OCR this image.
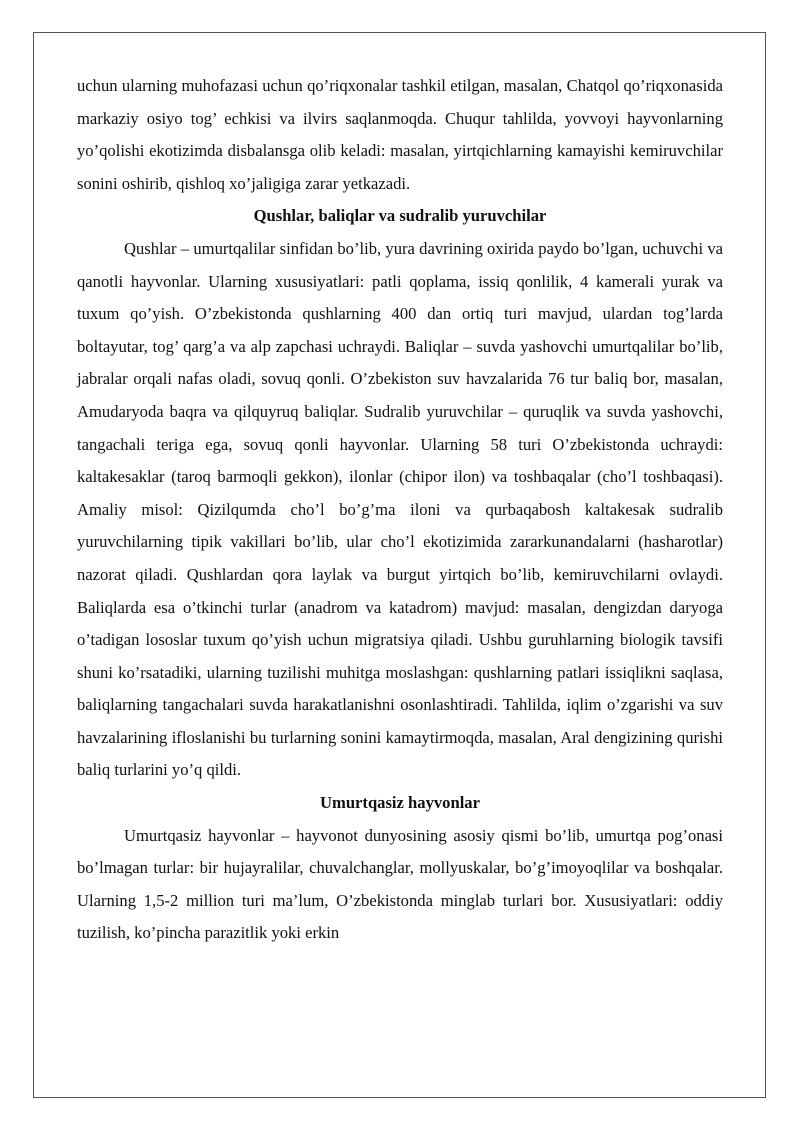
uchun ularning muhofazasi uchun qo’riqxonalar tashkil etilgan, masalan, Chatqol qo’riqxonasida markaziy osiyo tog’ echkisi va ilvirs saqlanmoqda. Chuqur tahlilda, yovvoyi hayvonlarning yo’qolishi ekotizimda disbalansga olib keladi: masalan, yirtqichlarning kamayishi kemiruvchilar sonini oshirib, qishloq xo’jaligiga zarar yetkazadi.

Qushlar, baliqlar va sudralib yuruvchilar

Qushlar – umurtqalilar sinfidan bo’lib, yura davrining oxirida paydo bo’lgan, uchuvchi va qanotli hayvonlar. Ularning xususiyatlari: patli qoplama, issiq qonlilik, 4 kamerali yurak va tuxum qo’yish. O’zbekistonda qushlarning 400 dan ortiq turi mavjud, ulardan tog’larda boltayutar, tog’ qarg’a va alp zapchasi uchraydi. Baliqlar – suvda yashovchi umurtqalilar bo’lib, jabralar orqali nafas oladi, sovuq qonli. O’zbekiston suv havzalarida 76 tur baliq bor, masalan, Amudaryoda baqra va qilquyruq baliqlar. Sudralib yuruvchilar – quruqlik va suvda yashovchi, tangachali teriga ega, sovuq qonli hayvonlar. Ularning 58 turi O’zbekistonda uchraydi: kaltakesaklar (taroq barmoqli gekkon), ilonlar (chipor ilon) va toshbaqalar (cho’l toshbaqasi). Amaliy misol: Qizilqumda cho’l bo’g’ma iloni va qurbaqabosh kaltakesak sudralib yuruvchilarning tipik vakillari bo’lib, ular cho’l ekotizimida zararkunandalarni (hasharotlar) nazorat qiladi. Qushlardan qora laylak va burgut yirtqich bo’lib, kemiruvchilarni ovlaydi. Baliqlarda esa o’tkinchi turlar (anadrom va katadrom) mavjud: masalan, dengizdan daryoga o’tadigan lososlar tuxum qo’yish uchun migratsiya qiladi. Ushbu guruhlarning biologik tavsifi shuni ko’rsatadiki, ularning tuzilishi muhitga moslashgan: qushlarning patlari issiqlikni saqlasa, baliqlarning tangachalari suvda harakatlanishni osonlashtiradi. Tahlilda, iqlim o’zgarishi va suv havzalarining ifloslanishi bu turlarning sonini kamaytirmoqda, masalan, Aral dengizining qurishi baliq turlarini yo’q qildi.

Umurtqasiz hayvonlar

Umurtqasiz hayvonlar – hayvonot dunyosining asosiy qismi bo’lib, umurtqa pog’onasi bo’lmagan turlar: bir hujayralilar, chuvalchanglar, mollyuskalar, bo’g’imoyoqlilar va boshqalar. Ularning 1,5-2 million turi ma’lum, O’zbekistonda minglab turlari bor. Xususiyatlari: oddiy tuzilish, ko’pincha parazitlik yoki erkin
